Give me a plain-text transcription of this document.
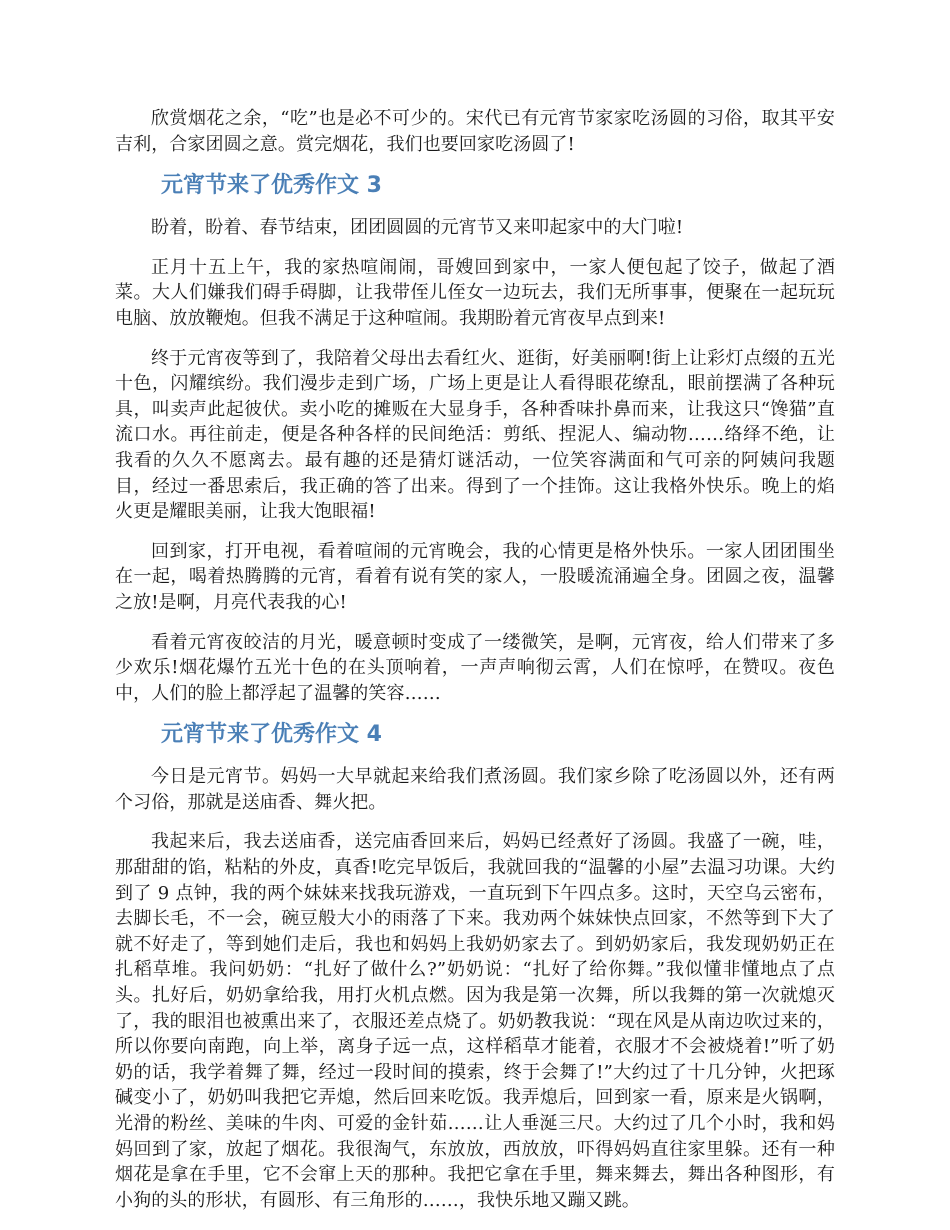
欣赏烟花之余，“吃”也是必不可少的。宋代已有元宵节家家吃汤圆的习俗，取其平安吉利，合家团圆之意。赏完烟花，我们也要回家吃汤圆了!

元宵节来了优秀作文 3

盼着，盼着、春节结束，团团圆圆的元宵节又来叩起家中的大门啦!

正月十五上午，我的家热喧闹闹，哥嫂回到家中，一家人便包起了饺子，做起了酒菜。大人们嫌我们碍手碍脚，让我带侄儿侄女一边玩去，我们无所事事，便聚在一起玩玩电脑、放放鞭炮。但我不满足于这种喧闹。我期盼着元宵夜早点到来!

终于元宵夜等到了，我陪着父母出去看红火、逛街，好美丽啊!街上让彩灯点缀的五光十色，闪耀缤纷。我们漫步走到广场，广场上更是让人看得眼花缭乱，眼前摆满了各种玩具，叫卖声此起彼伏。卖小吃的摊贩在大显身手，各种香味扑鼻而来，让我这只“馋猫”直流口水。再往前走，便是各种各样的民间绝活：剪纸、捏泥人、编动物……络绎不绝，让我看的久久不愿离去。最有趣的还是猜灯谜活动，一位笑容满面和气可亲的阿姨问我题目，经过一番思索后，我正确的答了出来。得到了一个挂饰。这让我格外快乐。晚上的焰火更是耀眼美丽，让我大饱眼福!

回到家，打开电视，看着喧闹的元宵晚会，我的心情更是格外快乐。一家人团团围坐在一起，喝着热腾腾的元宵，看着有说有笑的家人，一股暖流涌遍全身。团圆之夜，温馨之放!是啊，月亮代表我的心!

看着元宵夜皎洁的月光，暖意顿时变成了一缕微笑，是啊，元宵夜，给人们带来了多少欢乐!烟花爆竹五光十色的在头顶响着，一声声响彻云霄，人们在惊呼，在赞叹。夜色中，人们的脸上都浮起了温馨的笑容……

元宵节来了优秀作文 4

今日是元宵节。妈妈一大早就起来给我们煮汤圆。我们家乡除了吃汤圆以外，还有两个习俗，那就是送庙香、舞火把。

我起来后，我去送庙香，送完庙香回来后，妈妈已经煮好了汤圆。我盛了一碗，哇，那甜甜的馅，粘粘的外皮，真香!吃完早饭后，我就回我的“温馨的小屋”去温习功课。大约到了 9 点钟，我的两个妹妹来找我玩游戏，一直玩到下午四点多。这时，天空乌云密布，去脚长毛，不一会，碗豆般大小的雨落了下来。我劝两个妹妹快点回家，不然等到下大了就不好走了，等到她们走后，我也和妈妈上我奶奶家去了。到奶奶家后，我发现奶奶正在扎稻草堆。我问奶奶：“扎好了做什么?”奶奶说：“扎好了给你舞。”我似懂非懂地点了点头。扎好后，奶奶拿给我，用打火机点燃。因为我是第一次舞，所以我舞的第一次就熄灭了，我的眼泪也被熏出来了，衣服还差点烧了。奶奶教我说：“现在风是从南边吹过来的，所以你要向南跑，向上举，离身子远一点，这样稻草才能着，衣服才不会被烧着!”听了奶奶的话，我学着舞了舞，经过一段时间的摸索，终于会舞了!”大约过了十几分钟，火把琢碱变小了，奶奶叫我把它弄熄，然后回来吃饭。我弄熄后，回到家一看，原来是火锅啊，光滑的粉丝、美味的牛肉、可爱的金针茹……让人垂涎三尺。大约过了几个小时，我和妈妈回到了家，放起了烟花。我很淘气，东放放，西放放，吓得妈妈直往家里躲。还有一种烟花是拿在手里，它不会窜上天的那种。我把它拿在手里，舞来舞去，舞出各种图形，有小狗的头的形状，有圆形、有三角形的……，我快乐地又蹦又跳。
